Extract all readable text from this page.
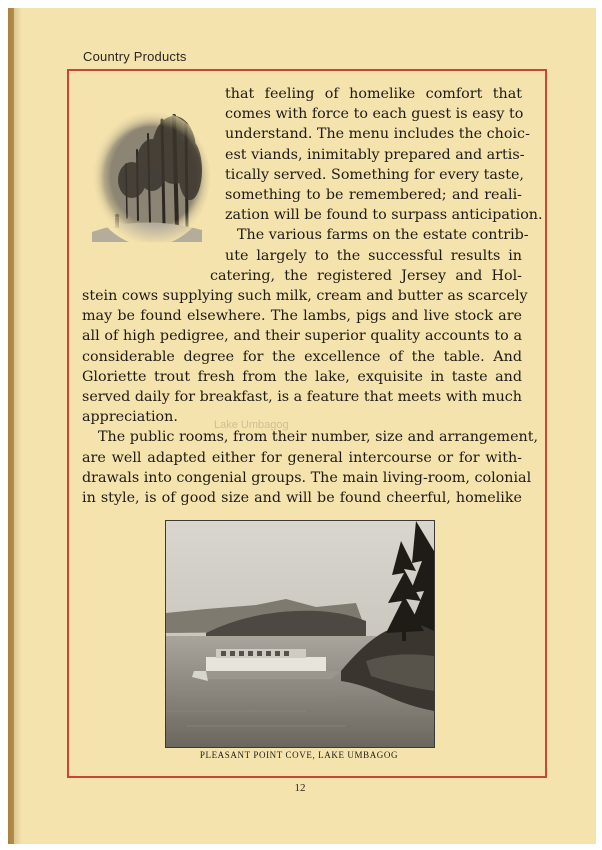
Country Products
that feeling of homelike comfort that
comes with force to each guest is easy to
understand. The menu includes the choic-
est viands, inimitably prepared and artis-
tically served. Something for every taste,
something to be remembered; and reali-
zation will be found to surpass anticipation.
The various farms on the estate contrib-
ute largely to the successful results in
catering, the registered Jersey and Hol-
stein cows supplying such milk, cream and butter as scarcely
may be found elsewhere. The lambs, pigs and live stock are
all of high pedigree, and their superior quality accounts to a
considerable degree for the excellence of the table. And
Gloriette trout fresh from the lake, exquisite in taste and
served daily for breakfast, is a feature that meets with much
appreciation.
The public rooms, from their number, size and arrangement,
are well adapted either for general intercourse or for with-
drawals into congenial groups. The main living-room, colonial
in style, is of good size and will be found cheerful, homelike
Lake Umbagog
PLEASANT POINT COVE, LAKE UMBAGOG
12
